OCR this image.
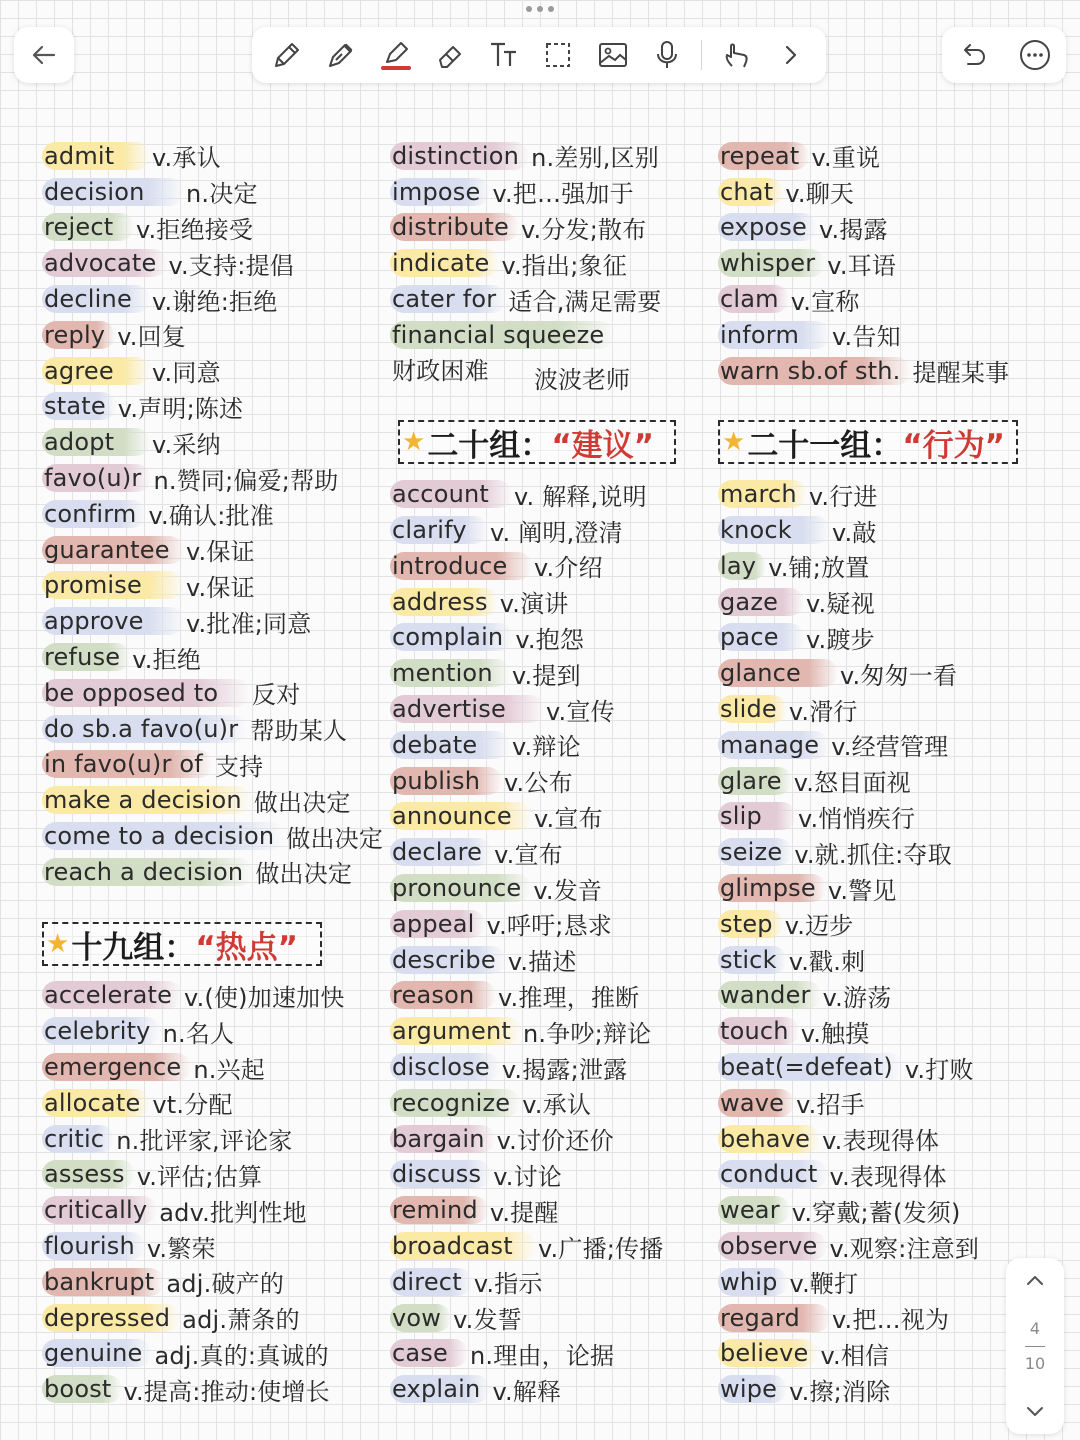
admit	v.承认
decision	n.决定
reject v.拒绝接受
advocate v.支持:提倡
decline v.谢绝:拒绝
reply v.回复
agree	v.同意
state v.声明;陈述
adopt	v.采纳
favo(u)r n.赞同;偏爱;帮助
confirm v.确认:批准
guarantee v.保证
promise	v.保证
approve	v.批准;同意
refuse v.拒绝
be opposed to	反对
do sb.a favo(u)r 帮助某人
in favo(u)r of 支持
make a decision 做出决定
come to a decision 做出决定
reach a decision 做出决定
accelerate v.(使)加速加快
celebrity n.名人
emergence n.兴起
allocate vt.分配
critic n.批评家,评论家
assess v.评估;估算
critically adv.批判性地
flourish v.繁荣
bankrupt adj.破产的
depressed adj.萧条的
genuine adj.真的:真诚的
boost v.提高:推动:使增长
distinction n.差别,区别
impose v.把…强加于
distribute v.分发;散布
indicate v.指出;象征
cater for 适合,满足需要
financial squeeze
财政困难
account	v. 解释,说明
clarify v. 阐明,澄清
introduce	v.介绍
address v.演讲
complain v.抱怨
mention v.提到
advertise	v.宣传
debate	v.辩论
publish v.公布
announce v.宣布
declare v.宣布
pronounce v.发音
appeal v.呼吁;恳求
describe v.描述
reason v.推理，推断
argument n.争吵;辩论
disclose v.揭露;泄露
recognize v.承认
bargain v.讨价还价
discuss v.讨论
remind v.提醒
broadcast	v.广播;传播
direct v.指示
vow v.发誓
case n.理由，论据
explain v.解释
repeat v.重说
chat v.聊天
expose v.揭露
whisper v.耳语
clam v.宣称
inform	v.告知
warn sb.of sth. 提醒某事
march v.行进
knock	v.敲
lay v.铺;放置
gaze	v.疑视
pace	v.踱步
glance	v.匆匆一看
slide v.滑行
manage v.经营管理
glare v.怒目面视
slip	v.悄悄疾行
seize v.就.抓住:夺取
glimpse v.警见
step v.迈步
stick v.戳.刺
wander v.游荡
touch v.触摸
beat(=defeat) v.打败
wave v.招手
behave v.表现得体
conduct v.表现得体
wear v.穿戴;蓄(发须)
observe v.观察:注意到
whip v.鞭打
regard	v.把…视为
believe v.相信
wipe v.擦;消除
★ 十九组： “热点”
★ 二十组： “建议”	★ 二十一组： “行为”
波波老师
4
10
